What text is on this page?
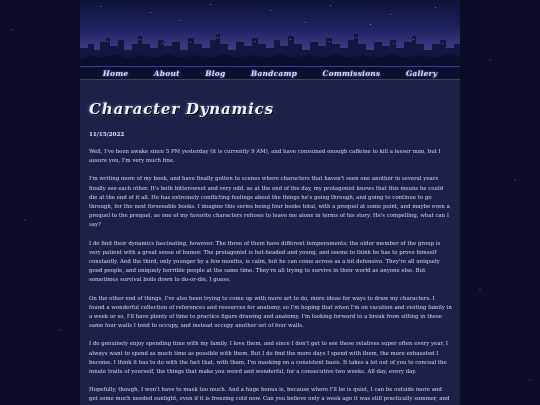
Home	About	Blog	Bandcamp	Commissions	Gallery
Character Dynamics

11/15/2022

Well, I've been awake since 5 PM yesterday (it is currently 9 AM), and have consumed enough caffeine to kill a lesser man, but I assure you, I'm very much fine.

I'm writing more of my book, and have finally gotten to scenes where characters that haven't seen one another in several years finally see each other. It's both bittersweet and very odd, as at the end of the day, my protagonist knows that this means he could die at the end of it all. He has extremely conflicting feelings about the things he's going through, and going to continue to go through, for the next forseeable books. I imagine this series being four books total, with a prequel at some point, and maybe even a prequel to the prequel, as one of my favorite characters refuses to leave me alone in terms of his story. He's compelling, what can I say?

I do find their dynamics fascinating, however. The three of them have different temperaments; the older member of the group is very patient with a great sense of humor. The protagonist is hot-headed and young, and seems to think he has to prove himself constantly. And the third, only younger by a few months, is calm, but he can come across as a bit defensive. They're all uniquely good people, and uniquely horrible people at the same time. They're all trying to survive in their world as anyone else. But sometimes survival boils down to do-or-die, I guess.

On the other end of things, I've also been trying to come up with more art to do, more ideas for ways to draw my characters. I found a wonderful collection of references and resources for anatomy, so I'm hoping that when I'm on vacation and visiting family in a week or so, I'll have plenty of time to practice figure drawing and anatomy. I'm looking forward to a break from sitting in these same four walls I tend to occupy, and instead occupy another set of four walls.

I do genuinely enjoy spending time with my family. I love them, and since I don't get to see these relatives super often every year, I always want to spend as much time as possible with them. But I do find the more days I spend with them, the more exhausted I become. I think it has to do with the fact that, with them, I'm masking on a consistent basis. It takes a lot out of you to conceal the innate traits of yourself, the things that make you weird and wonderful, for a consecutive two weeks. All day, every day.

Hopefully, though, I won't have to mask too much. And a huge bonus is, because where I'll be is quiet, I can be outside more and get some much needed sunlight, even if it is freezing cold now. Can you believe only a week ago it was still practically summer, and
